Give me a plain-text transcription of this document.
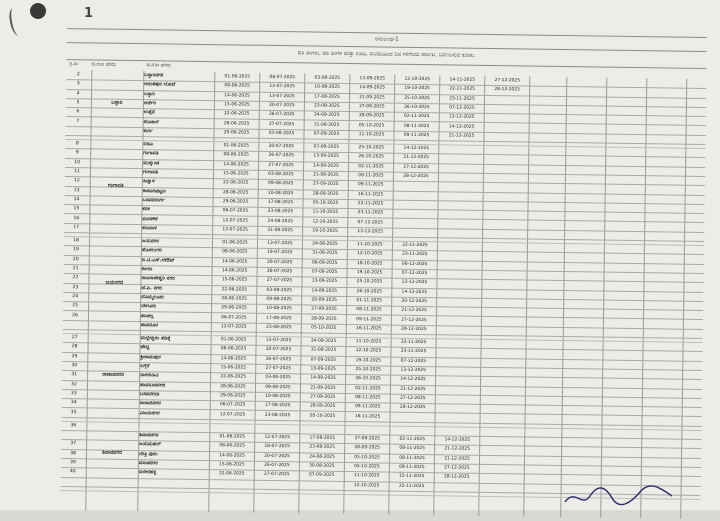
1
ಅನುಬಂಧ-1
ಪತಿ ತಿಂಗಳು, ಪತಿ ತಿಂಗಳ ಮತ್ತು ಊಟ, ಬಿಸಿಯೂಟದ ದಿನ ಗಳಿಗೆಂದು ಕರ್ನಾಟ, ನಿರ್ವಹಿಸುವ ಕುರಿತು.
ಕ್ರ.ಸಂ	ಜಿ.ನೋ ಹೆಸರು	ಜಿ.ನೋ ಹೆಸರು
2	ಬಳ್ಳಾರಿನಗರ	01-06-2025	06-07-2025	03-08-2025	13-09-2025	12-10-2025	14-11-2025	27-12-2025
3	ಅನಂತಪುರ ಬೋಟೆ	08-06-2025	12-07-2025	10-08-2025	14-09-2025	19-10-2025	22-11-2025	28-12-2025
4	ಬಳ್ಳಾರಿ	14-06-2025	13-07-2025	17-08-2025	21-09-2025	25-10-2025	23-11-2025
5	ಅರ್ಜೆರಿ	15-06-2025	20-07-2025	23-08-2025	27-09-2025	26-10-2025	07-12-2025
6	ಉತ್ಸೆನೆ	22-06-2025	26-07-2025	24-08-2025	28-09-2025	02-11-2025	13-12-2025
7	ಸೆಣಜಾಲೆ	28-06-2025	27-07-2025	31-08-2025	05-10-2025	08-11-2025	14-12-2025
ಕುರ್ಗ	29-06-2025	03-08-2025	07-09-2025	11-10-2025	09-11-2025	21-12-2025
ಬಳ್ಳಾರಿ
8	ಬಿಡಿಎ	01-06-2025	20-07-2025	07-09-2025	25-10-2025	14-12-2025
9	ಗಂಗಾವತಿ	08-06-2025	26-07-2025	13-09-2025	26-10-2025	21-12-2025
10	ಮುಕ್ಕುಂಡ	14-06-2025	27-07-2025	14-09-2025	02-11-2025	27-12-2025
11	ಗಂಗಾವತಿ	15-06-2025	03-08-2025	21-09-2025	08-11-2025	28-12-2025
12	ಹಿಟ್ನಾಳ	22-06-2025	09-08-2025	27-09-2025	09-11-2025
13	ಕಾರಟಗಿಪಟ್ಟಣ	28-06-2025	10-08-2025	28-09-2025	16-11-2025
14	ಬಸವನದುರ್ಗ	29-06-2025	17-08-2025	05-10-2025	22-11-2025
15	ಕನಕ	06-07-2025	23-08-2025	11-10-2025	23-11-2025
16	ಮರಳಿಕೆರೆ	12-07-2025	24-08-2025	12-10-2025	07-12-2025
17	ಹಣವಾಳ	13-07-2025	31-08-2025	19-10-2025	13-12-2025
ಗಂಗಾವತಿ
18	ಜಯನಗರ	01-06-2025	13-07-2025	24-08-2025	11-10-2025	22-11-2025
19	ಹೊಳಲುಗರ	08-06-2025	19-07-2025	31-08-2025	12-10-2025	23-11-2025
20	ಬಿ.ಟಿ.ಎಸ್.ಲೇಔಟ್	14-06-2025	20-07-2025	06-09-2025	18-10-2025	06-12-2025
21	ಕಂಗಣ	14-06-2025	26-07-2025	07-09-2025	19-10-2025	07-12-2025
22	ರಾಜರಾಜೇಶ್ವರಿ ನಗರ	15-06-2025	27-07-2025	13-09-2025	25-10-2025	13-12-2025
23	ಜೆ.ಪಿ. ನಗರ	22-06-2025	03-08-2025	14-09-2025	26-10-2025	14-12-2025
24	ದೊಮ್ಮಲೂರು	28-06-2025	09-08-2025	20-09-2025	01-11-2025	20-12-2025
25	ಬೇಗೂರು	29-06-2025	10-08-2025	27-09-2025	08-11-2025	21-12-2025
26	ಹಂಪಲ್ಲ	06-07-2025	17-08-2025	28-09-2025	09-11-2025	27-12-2025
ಹಾವನೂರ	12-07-2025	23-08-2025	05-10-2025	16-11-2025	28-12-2025
ಜಯನಗರ
27	ಮಲ್ಲೇಶ್ವರಂ ಪಡಿಕ್ಕೆ	01-06-2025	13-07-2025	24-08-2025	11-10-2025	22-11-2025
28	ಹೇಟ್ಟಿ	08-06-2025	20-07-2025	31-08-2025	12-10-2025	23-11-2025
29	ಶ್ರೀರಾಮಪುರ	14-06-2025	26-07-2025	07-09-2025	19-10-2025	07-12-2025
30	ಲಗ್ಗೆರೆ	15-06-2025	27-07-2025	13-09-2025	25-10-2025	13-12-2025
31	ನಾಗರಬಾವಿ	22-06-2025	03-08-2025	14-09-2025	26-10-2025	14-12-2025
32	ಹಾವನೂರನಗರ	28-06-2025	09-08-2025	21-09-2025	02-11-2025	21-12-2025
33	ಬಸವನಗುಡಿ	29-06-2025	10-08-2025	27-09-2025	08-11-2025	27-12-2025
34	ರಾಜಾಜಿನಗರ	06-07-2025	17-08-2025	28-09-2025	09-11-2025	28-12-2025
35	ವಿಜಯನಗರ	12-07-2025	23-08-2025	05-10-2025	16-11-2025
ರಾಜಾಜಿನಗರ
36
ಶಿವಾಜಿನಗರ	01-06-2025	12-07-2025	17-08-2025	27-09-2025	02-11-2025	14-12-2025
37	ಜಯಮಹಲ್	08-06-2025	18-07-2025	23-08-2025	28-09-2025	08-11-2025	21-12-2025
38	ಬೇತ್ರಿ ಪುರಂ	14-06-2025	20-07-2025	24-08-2025	05-10-2025	08-11-2025	21-12-2025
39	ವಸಂತನಗರ	15-06-2025	26-07-2025	30-08-2025	05-10-2025	08-11-2025	27-12-2025
40	ಬಿಲೇರಹಳ್ಳಿ	22-06-2025	27-07-2025	07-09-2025	11-10-2025	15-11-2025	28-12-2025
12-10-2025	22-11-2025
ಶಿವಾಜಿನಗರ
